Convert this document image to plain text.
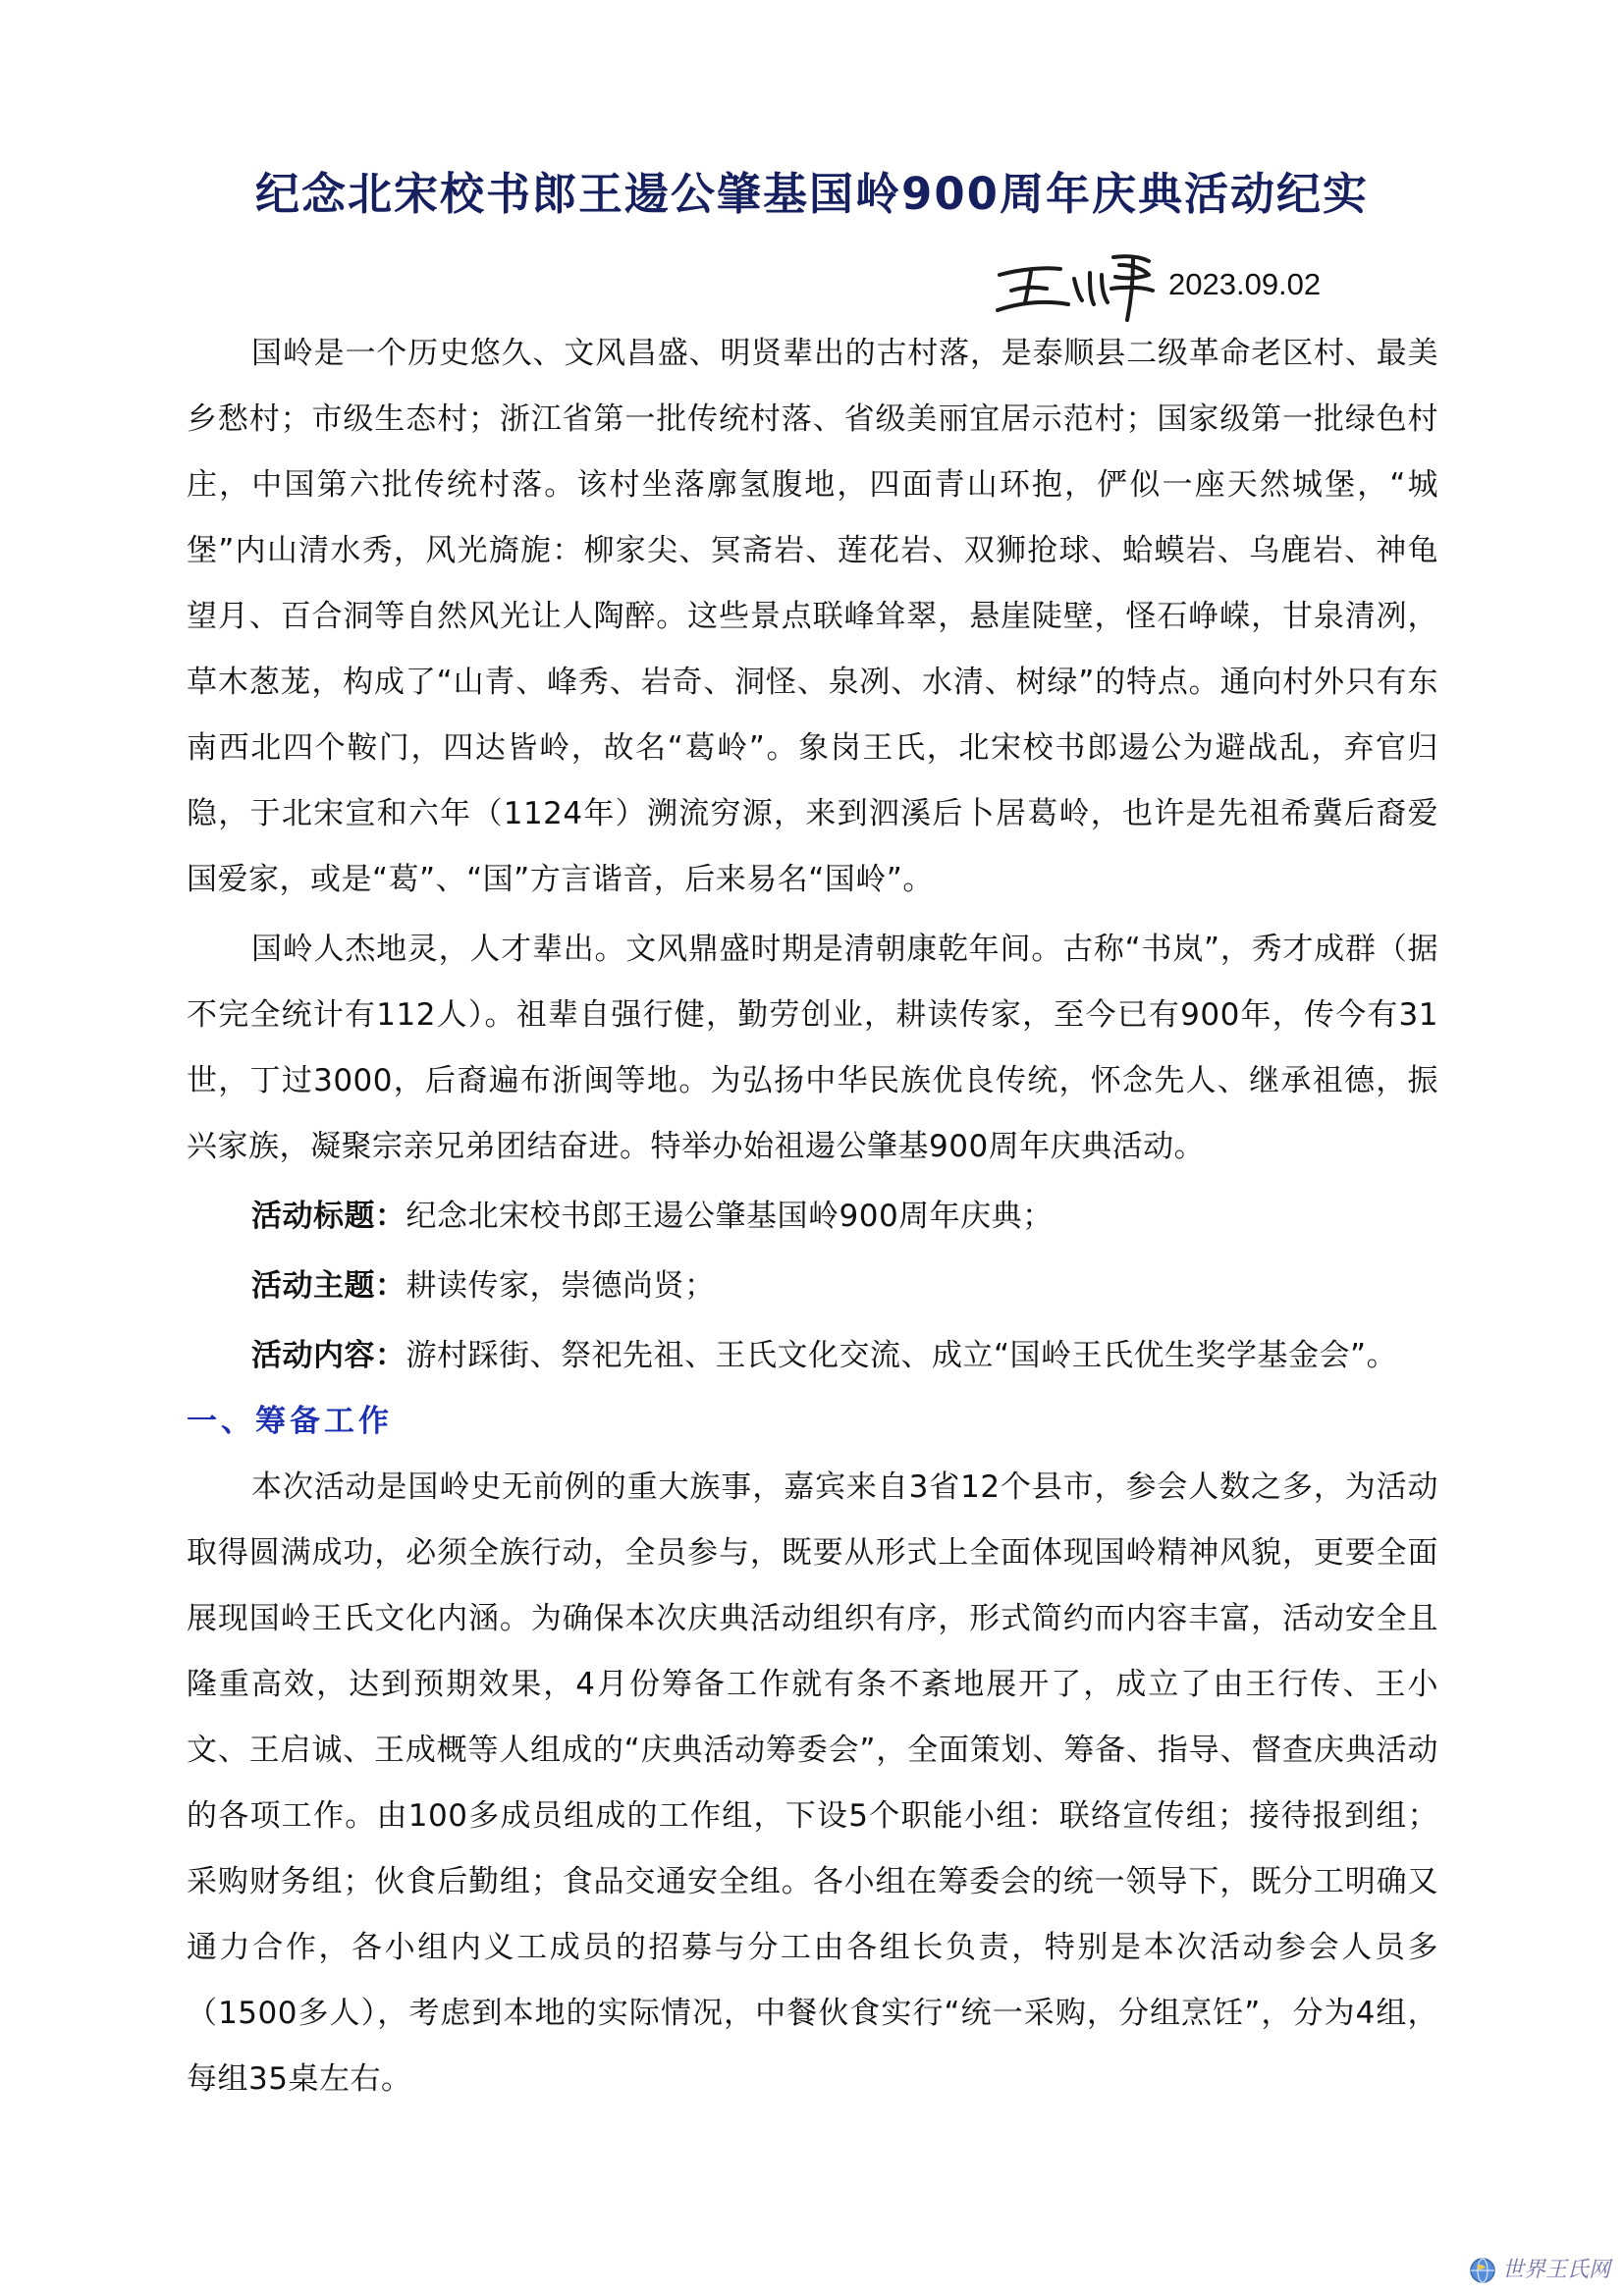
纪念北宋校书郎王逿公肇基国岭900周年庆典活动纪实
2023.09.02

国岭是一个历史悠久、文风昌盛、明贤辈出的古村落，是泰顺县二级革命老区村、最美乡愁村；市级生态村；浙江省第一批传统村落、省级美丽宜居示范村；国家级第一批绿色村庄，中国第六批传统村落。该村坐落廓氢腹地，四面青山环抱，俨似一座天然城堡，“城堡”内山清水秀，风光旖旎：柳家尖、冥斋岩、莲花岩、双狮抢球、蛤蟆岩、乌鹿岩、神龟望月、百合洞等自然风光让人陶醉。这些景点联峰耸翠，悬崖陡壁，怪石峥嵘，甘泉清冽，草木葱茏，构成了“山青、峰秀、岩奇、洞怪、泉冽、水清、树绿”的特点。通向村外只有东南西北四个鞍门，四达皆岭，故名“葛岭”。象岗王氏，北宋校书郎逿公为避战乱，弃官归隐，于北宋宣和六年（1124年）溯流穷源，来到泗溪后卜居葛岭，也许是先祖希冀后裔爱国爱家，或是“葛”、“国”方言谐音，后来易名“国岭”。

国岭人杰地灵，人才辈出。文风鼎盛时期是清朝康乾年间。古称“书岚”，秀才成群（据不完全统计有112人）。祖辈自强行健，勤劳创业，耕读传家，至今已有900年，传今有31世，丁过3000，后裔遍布浙闽等地。为弘扬中华民族优良传统，怀念先人、继承祖德，振兴家族，凝聚宗亲兄弟团结奋进。特举办始祖逿公肇基900周年庆典活动。

活动标题：纪念北宋校书郎王逿公肇基国岭900周年庆典；

活动主题：耕读传家，崇德尚贤；

活动内容：游村踩街、祭祀先祖、王氏文化交流、成立“国岭王氏优生奖学基金会”。

一、筹备工作

本次活动是国岭史无前例的重大族事，嘉宾来自3省12个县市，参会人数之多，为活动取得圆满成功，必须全族行动，全员参与，既要从形式上全面体现国岭精神风貌，更要全面展现国岭王氏文化内涵。为确保本次庆典活动组织有序，形式简约而内容丰富，活动安全且隆重高效，达到预期效果，4月份筹备工作就有条不紊地展开了，成立了由王行传、王小文、王启诚、王成概等人组成的“庆典活动筹委会”，全面策划、筹备、指导、督查庆典活动的各项工作。由100多成员组成的工作组，下设5个职能小组：联络宣传组；接待报到组；采购财务组；伙食后勤组；食品交通安全组。各小组在筹委会的统一领导下，既分工明确又通力合作，各小组内义工成员的招募与分工由各组长负责，特别是本次活动参会人员多（1500多人），考虑到本地的实际情况，中餐伙食实行“统一采购，分组烹饪”，分为4组，每组35桌左右。

世界王氏网
